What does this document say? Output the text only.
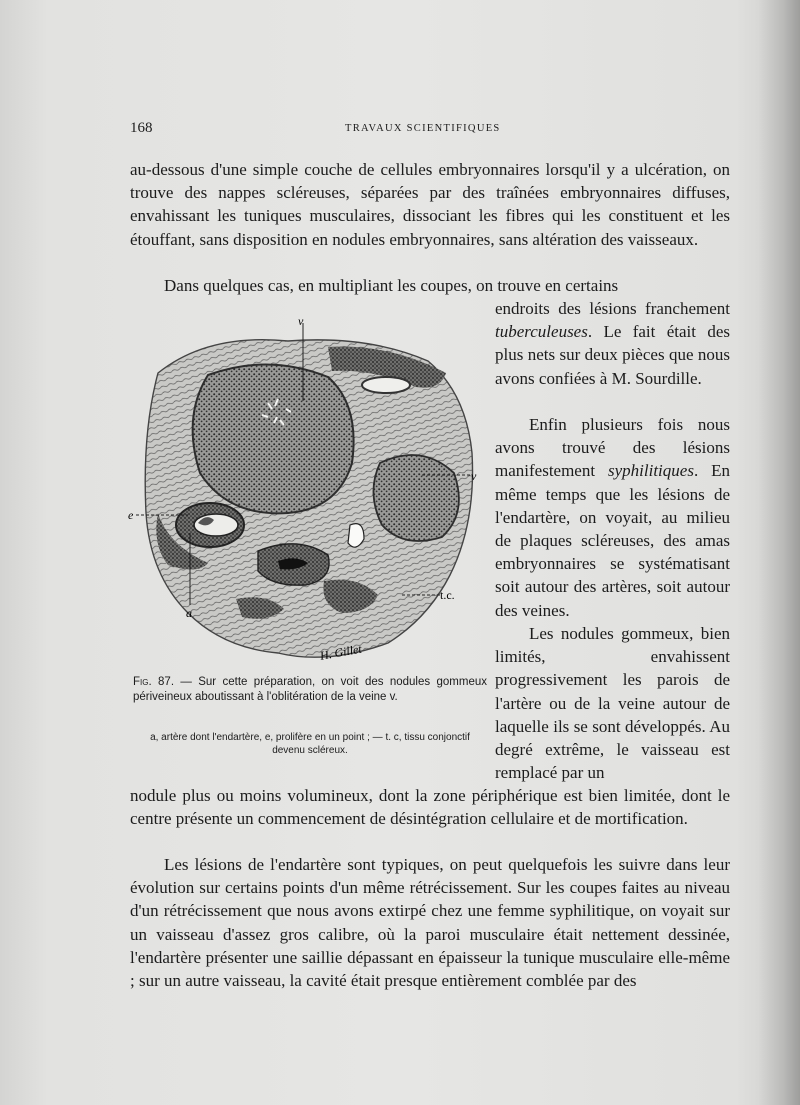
168	TRAVAUX SCIENTIFIQUES

au-dessous d'une simple couche de cellules embryonnaires lorsqu'il y a ulcération, on trouve des nappes scléreuses, séparées par des traînées embryonnaires diffuses, envahissant les tuniques musculaires, dissociant les fibres qui les constituent et les étouffant, sans disposition en nodules embryonnaires, sans altération des vaisseaux.

Dans quelques cas, en multipliant les coupes, on trouve en certains

endroits des lésions franchement tuberculeuses. Le fait était des plus nets sur deux pièces que nous avons confiées à M. Sourdille.

Enfin plusieurs fois nous avons trouvé des lésions manifestement syphilitiques. En même temps que les lésions de l'endartère, on voyait, au milieu de plaques scléreuses, des amas embryonnaires se systématisant soit autour des artères, soit autour des veines.

Les nodules gommeux, bien limités, envahissent progressivement les parois de l'artère ou de la veine autour de laquelle ils se sont développés. Au degré extrême, le vaisseau est remplacé par un

nodule plus ou moins volumineux, dont la zone périphérique est bien limitée, dont le centre présente un commencement de désintégration cellulaire et de mortification.

Les lésions de l'endartère sont typiques, on peut quelquefois les suivre dans leur évolution sur certains points d'un même rétrécissement. Sur les coupes faites au niveau d'un rétrécissement que nous avons extirpé chez une femme syphilitique, on voyait sur un vaisseau d'assez gros calibre, où la paroi musculaire était nettement dessinée, l'endartère présenter une saillie dépassant en épaisseur la tunique musculaire elle-même ; sur un autre vaisseau, la cavité était presque entièrement comblée par des

v
v
e
a
t.c.
H. Gillet

Fig. 87. — Sur cette préparation, on voit des nodules gommeux périveineux aboutissant à l'oblitération de la veine v.

a, artère dont l'endartère, e, prolifère en un point ; — t. c, tissu conjonctif devenu scléreux.
